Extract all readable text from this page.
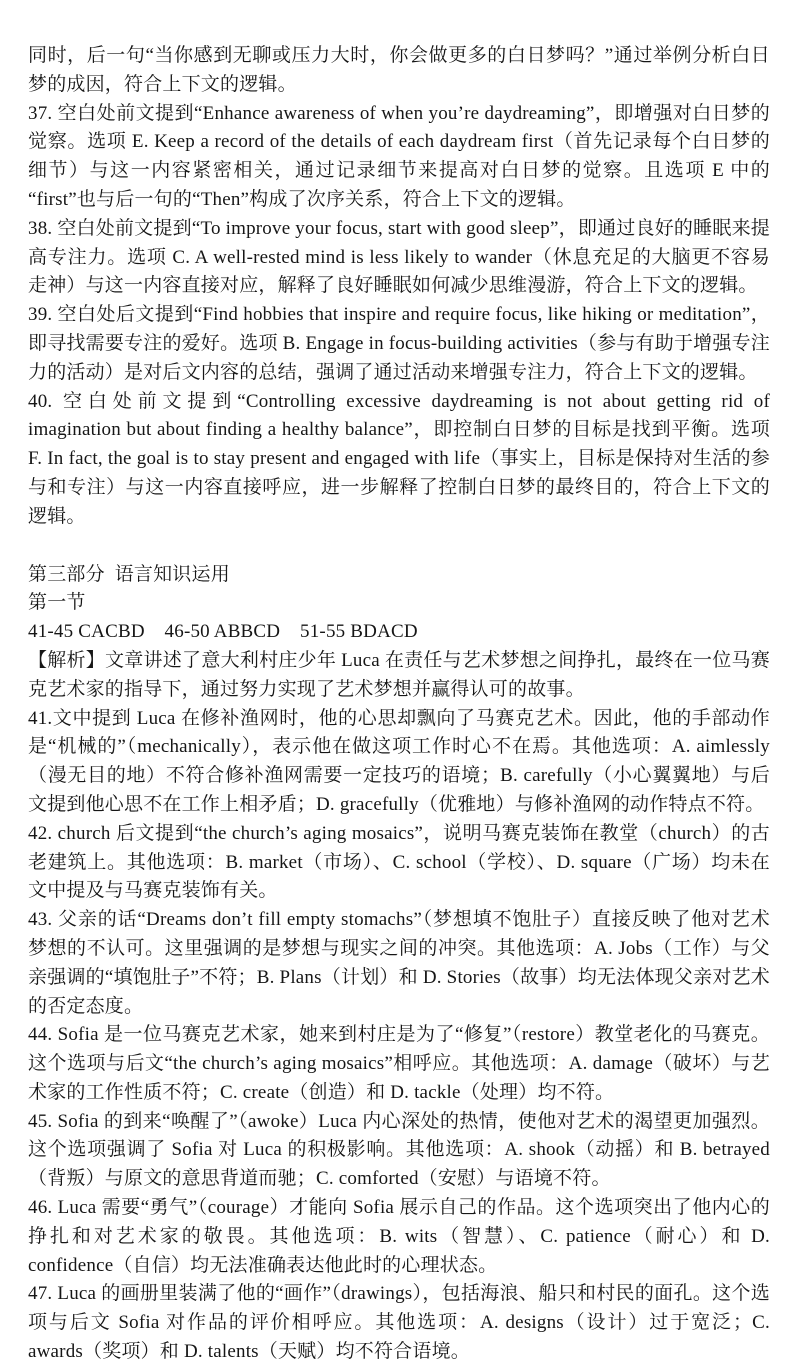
同时，后一句“当你感到无聊或压力大时，你会做更多的白日梦吗？”通过举例分析白日梦的成因，符合上下文的逻辑。

37. 空白处前文提到“Enhance awareness of when you’re daydreaming”，即增强对白日梦的觉察。选项 E. Keep a record of the details of each daydream first（首先记录每个白日梦的细节）与这一内容紧密相关，通过记录细节来提高对白日梦的觉察。且选项 E 中的“first”也与后一句的“Then”构成了次序关系，符合上下文的逻辑。

38. 空白处前文提到“To improve your focus, start with good sleep”，即通过良好的睡眠来提高专注力。选项 C. A well-rested mind is less likely to wander（休息充足的大脑更不容易走神）与这一内容直接对应，解释了良好睡眠如何减少思维漫游，符合上下文的逻辑。

39. 空白处后文提到“Find hobbies that inspire and require focus, like hiking or meditation”，即寻找需要专注的爱好。选项 B. Engage in focus-building activities（参与有助于增强专注力的活动）是对后文内容的总结，强调了通过活动来增强专注力，符合上下文的逻辑。

40. 空白处前文提到“Controlling excessive daydreaming is not about getting rid of imagination but about finding a healthy balance”，即控制白日梦的目标是找到平衡。选项 F. In fact, the goal is to stay present and engaged with life（事实上，目标是保持对生活的参与和专注）与这一内容直接呼应，进一步解释了控制白日梦的最终目的，符合上下文的逻辑。

第三部分  语言知识运用

第一节

41-45 CACBD    46-50 ABBCD    51-55 BDACD

【解析】文章讲述了意大利村庄少年 Luca 在责任与艺术梦想之间挣扎，最终在一位马赛克艺术家的指导下，通过努力实现了艺术梦想并赢得认可的故事。

41.文中提到 Luca 在修补渔网时，他的心思却飘向了马赛克艺术。因此，他的手部动作是“机械的”（mechanically），表示他在做这项工作时心不在焉。其他选项：A. aimlessly（漫无目的地）不符合修补渔网需要一定技巧的语境；B. carefully（小心翼翼地）与后文提到他心思不在工作上相矛盾；D. gracefully（优雅地）与修补渔网的动作特点不符。

42. church 后文提到“the church’s aging mosaics”，说明马赛克装饰在教堂（church）的古老建筑上。其他选项：B. market（市场）、C. school（学校）、D. square（广场）均未在文中提及与马赛克装饰有关。

43. 父亲的话“Dreams don’t fill empty stomachs”（梦想填不饱肚子）直接反映了他对艺术梦想的不认可。这里强调的是梦想与现实之间的冲突。其他选项：A. Jobs（工作）与父亲强调的“填饱肚子”不符；B. Plans（计划）和 D. Stories（故事）均无法体现父亲对艺术的否定态度。

44. Sofia 是一位马赛克艺术家，她来到村庄是为了“修复”（restore）教堂老化的马赛克。这个选项与后文“the church’s aging mosaics”相呼应。其他选项：A. damage（破坏）与艺术家的工作性质不符；C. create（创造）和 D. tackle（处理）均不符。

45. Sofia 的到来“唤醒了”（awoke）Luca 内心深处的热情，使他对艺术的渴望更加强烈。这个选项强调了 Sofia 对 Luca 的积极影响。其他选项：A. shook（动摇）和 B. betrayed（背叛）与原文的意思背道而驰；C. comforted（安慰）与语境不符。

46. Luca 需要“勇气”（courage）才能向 Sofia 展示自己的作品。这个选项突出了他内心的挣扎和对艺术家的敬畏。其他选项：B. wits（智慧）、C. patience（耐心）和 D. confidence（自信）均无法准确表达他此时的心理状态。

47. Luca 的画册里装满了他的“画作”（drawings），包括海浪、船只和村民的面孔。这个选项与后文 Sofia 对作品的评价相呼应。其他选项：A. designs（设计）过于宽泛；C. awards（奖项）和 D. talents（天赋）均不符合语境。
